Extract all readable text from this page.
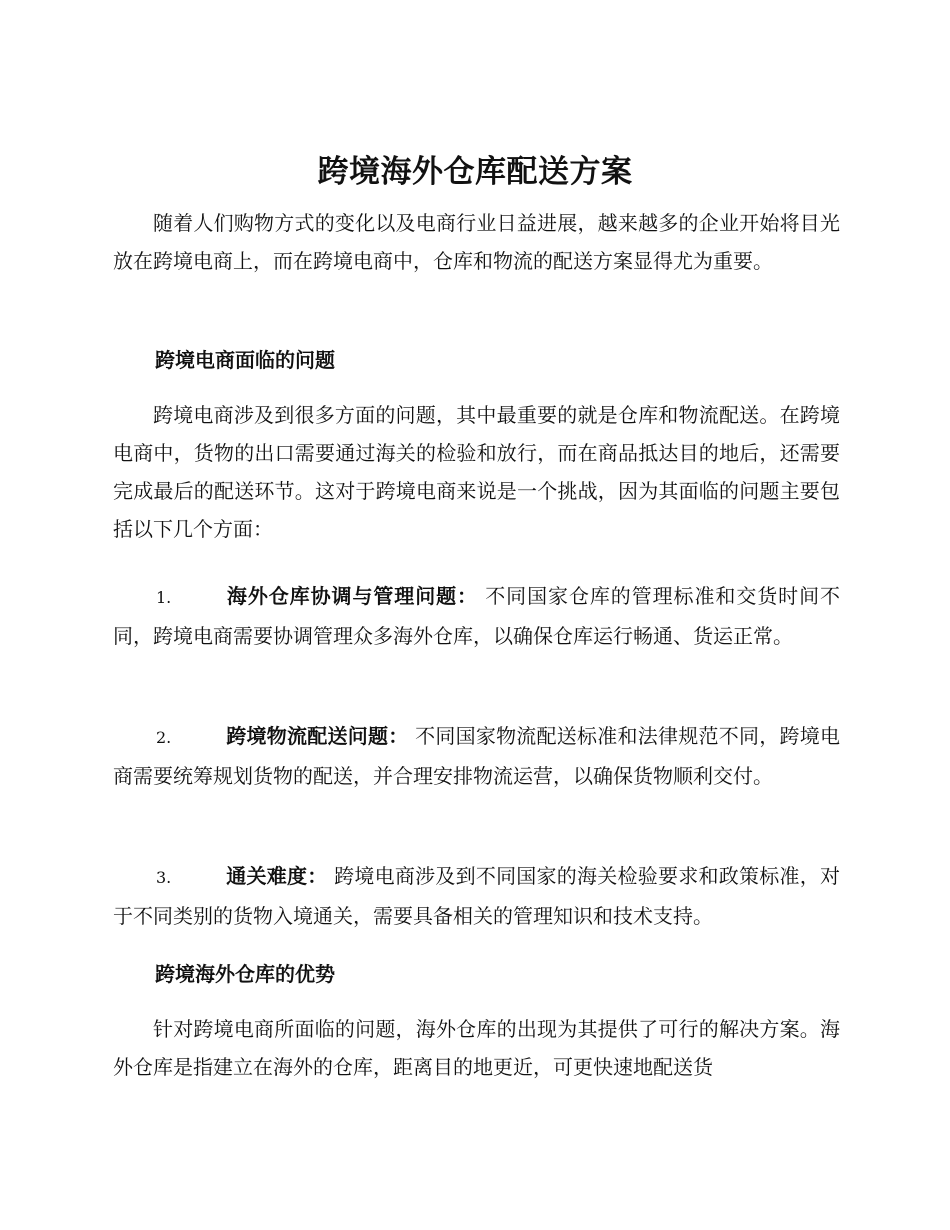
跨境海外仓库配送方案

随着人们购物方式的变化以及电商行业日益进展，越来越多的企业开始将目光放在跨境电商上，而在跨境电商中，仓库和物流的配送方案显得尤为重要。

跨境电商面临的问题

跨境电商涉及到很多方面的问题，其中最重要的就是仓库和物流配送。在跨境电商中，货物的出口需要通过海关的检验和放行，而在商品抵达目的地后，还需要完成最后的配送环节。这对于跨境电商来说是一个挑战，因为其面临的问题主要包括以下几个方面：

1.	海外仓库协调与管理问题： 不同国家仓库的管理标准和交货时间不同，跨境电商需要协调管理众多海外仓库，以确保仓库运行畅通、货运正常。

2.	跨境物流配送问题： 不同国家物流配送标准和法律规范不同，跨境电商需要统筹规划货物的配送，并合理安排物流运营，以确保货物顺利交付。

3.	通关难度： 跨境电商涉及到不同国家的海关检验要求和政策标准，对于不同类别的货物入境通关，需要具备相关的管理知识和技术支持。

跨境海外仓库的优势

针对跨境电商所面临的问题，海外仓库的出现为其提供了可行的解决方案。海外仓库是指建立在海外的仓库，距离目的地更近，可更快速地配送货
